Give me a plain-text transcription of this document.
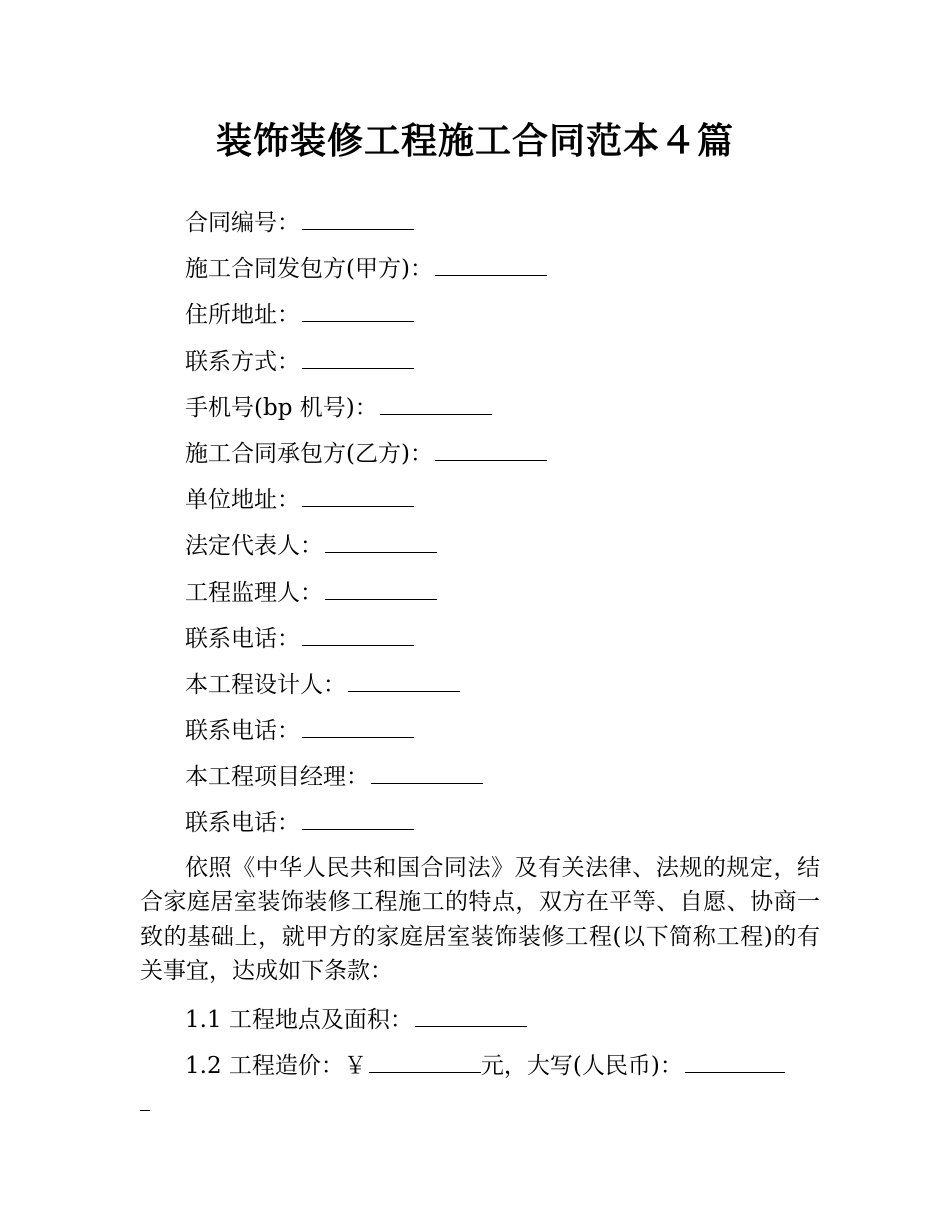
装饰装修工程施工合同范本４篇
合同编号：
施工合同发包方(甲方)：
住所地址：
联系方式：
手机号(bp 机号)：
施工合同承包方(乙方)：
单位地址：
法定代表人：
工程监理人：
联系电话：
本工程设计人：
联系电话：
本工程项目经理：
联系电话：
依照《中华人民共和国合同法》及有关法律、法规的规定，结合家庭居室装饰装修工程施工的特点，双方在平等、自愿、协商一致的基础上，就甲方的家庭居室装饰装修工程(以下简称工程)的有关事宜，达成如下条款：
1.1 工程地点及面积：
1.2 工程造价：￥	元，大写(人民币)：
